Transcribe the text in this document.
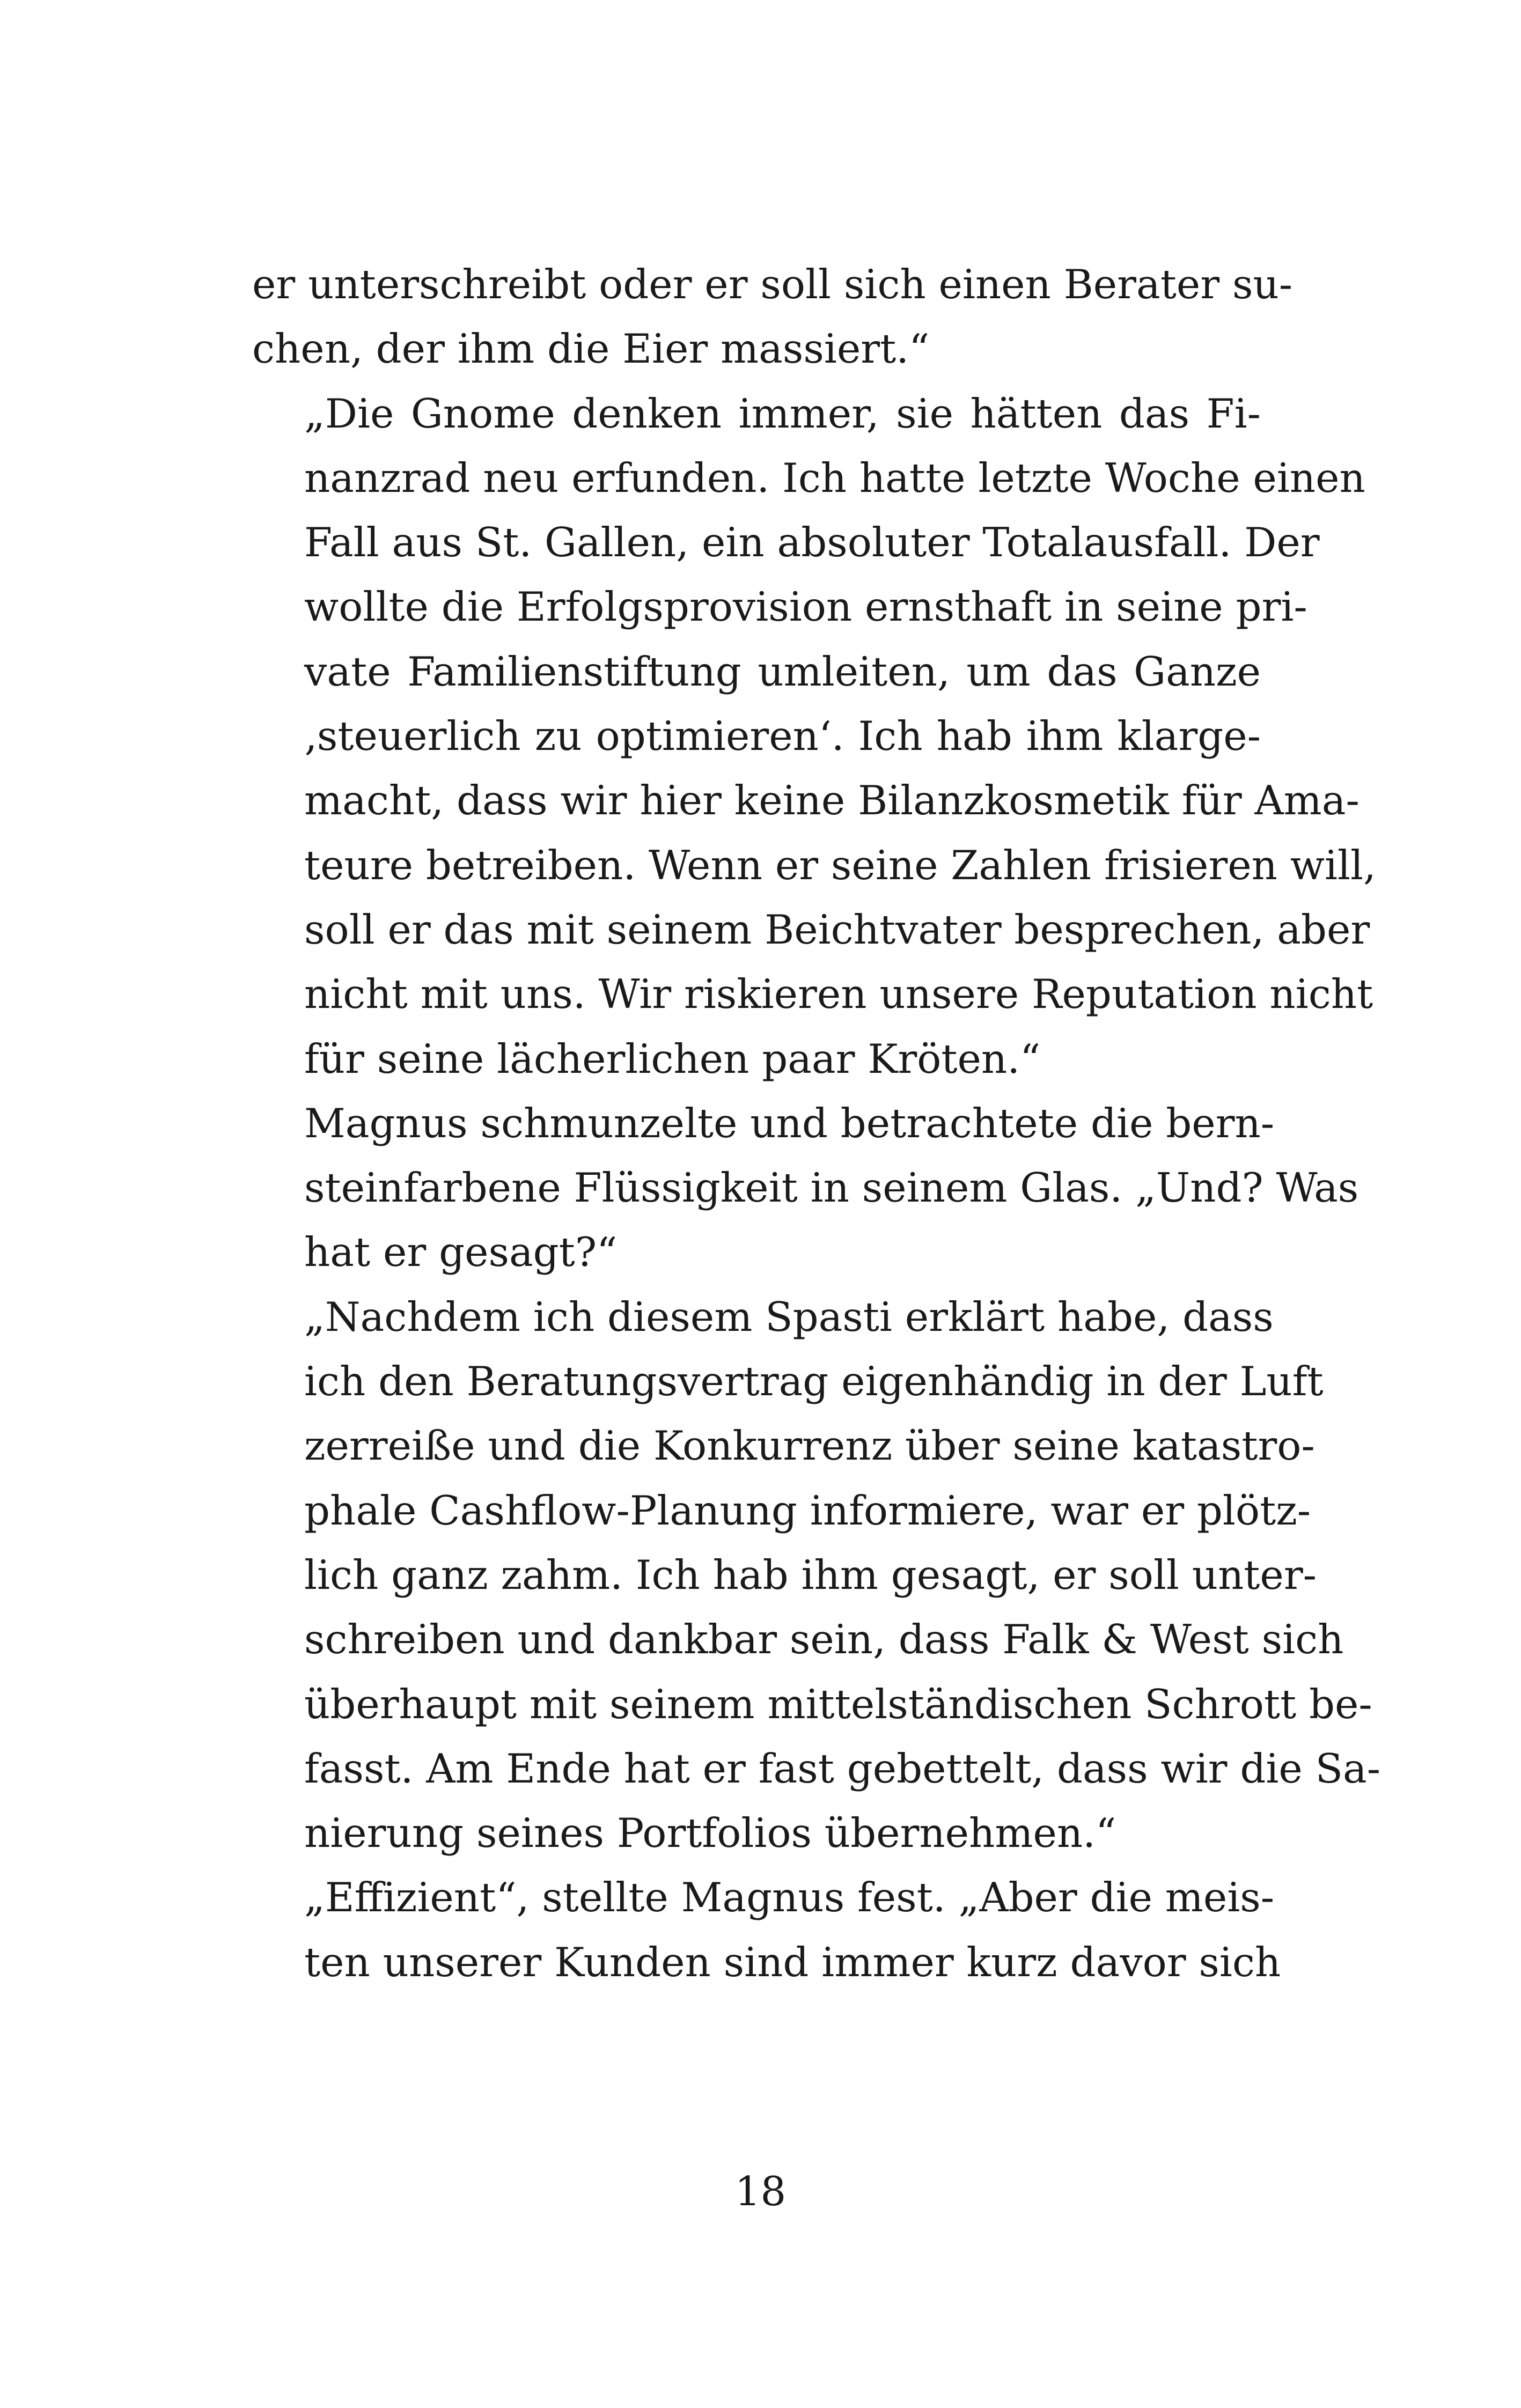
er unterschreibt oder er soll sich einen Berater su-
chen, der ihm die Eier massiert.“

„Die Gnome denken immer, sie hätten das Fi-
nanzrad neu erfunden. Ich hatte letzte Woche einen
Fall aus St. Gallen, ein absoluter Totalausfall. Der
wollte die Erfolgsprovision ernsthaft in seine pri-
vate Familienstiftung umleiten, um das Ganze
‚steuerlich zu optimieren‘. Ich hab ihm klarge-
macht, dass wir hier keine Bilanzkosmetik für Ama-
teure betreiben. Wenn er seine Zahlen frisieren will,
soll er das mit seinem Beichtvater besprechen, aber
nicht mit uns. Wir riskieren unsere Reputation nicht
für seine lächerlichen paar Kröten.“

Magnus schmunzelte und betrachtete die bern-
steinfarbene Flüssigkeit in seinem Glas. „Und? Was
hat er gesagt?“

„Nachdem ich diesem Spasti erklärt habe, dass
ich den Beratungsvertrag eigenhändig in der Luft
zerreiße und die Konkurrenz über seine katastro-
phale Cashflow-Planung informiere, war er plötz-
lich ganz zahm. Ich hab ihm gesagt, er soll unter-
schreiben und dankbar sein, dass Falk & West sich
überhaupt mit seinem mittelständischen Schrott be-
fasst. Am Ende hat er fast gebettelt, dass wir die Sa-
nierung seines Portfolios übernehmen.“

„Effizient“, stellte Magnus fest. „Aber die meis-
ten unserer Kunden sind immer kurz davor sich

18
